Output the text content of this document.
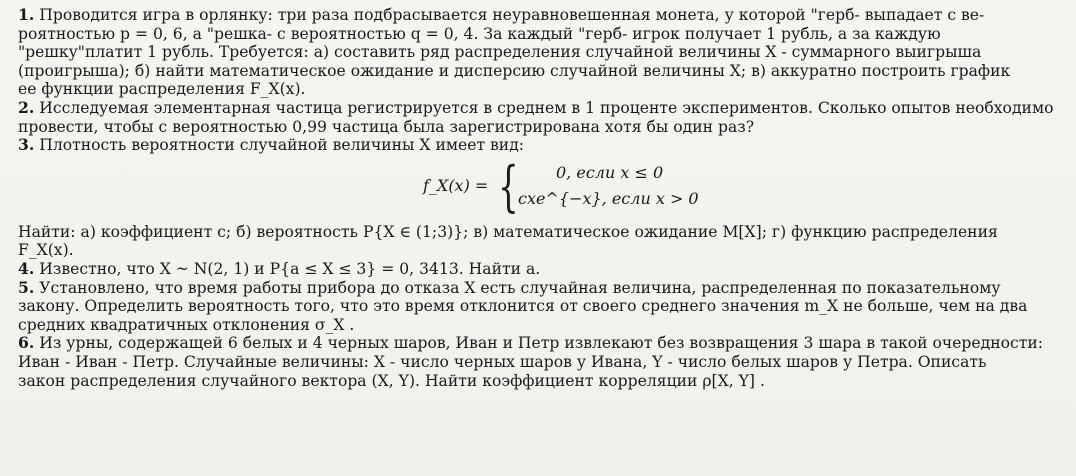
1. Проводится игра в орлянку: три раза подбрасывается неуравновешенная монета, у которой "герб- выпадает с ве-

роятностью p = 0, 6, а "решка- с вероятностью q = 0, 4. За каждый "герб- игрок получает 1 рубль, а за каждую

"решку"платит 1 рубль. Требуется: а) составить ряд распределения случайной величины X - суммарного выигрыша

(проигрыша); б) найти математическое ожидание и дисперсию случайной величины X; в) аккуратно построить график

ее функции распределения F_X(x).

2. Исследуемая элементарная частица регистрируется в среднем в 1 проценте экспериментов. Сколько опытов необходимо

провести, чтобы с вероятностью 0,99 частица была зарегистрирована хотя бы один раз?

3. Плотность вероятности случайной величины X имеет вид:

f_X(x) = { 0, если x ≤ 0
cxe^{−x}, если x > 0

Найти: а) коэффициент c; б) вероятность P{X ∈ (1;3)}; в) математическое ожидание M[X]; г) функцию распределения

F_X(x).

4. Известно, что X ~ N(2, 1) и P{a ≤ X ≤ 3} = 0, 3413. Найти a.

5. Установлено, что время работы прибора до отказа X есть случайная величина, распределенная по показательному

закону. Определить вероятность того, что это время отклонится от своего среднего значения m_X не больше, чем на два

средних квадратичных отклонения σ_X .

6. Из урны, содержащей 6 белых и 4 черных шаров, Иван и Петр извлекают без возвращения 3 шара в такой очередности:

Иван - Иван - Петр. Случайные величины: X - число черных шаров у Ивана, Y - число белых шаров у Петра. Описать

закон распределения случайного вектора (X, Y). Найти коэффициент корреляции ρ[X, Y] .
